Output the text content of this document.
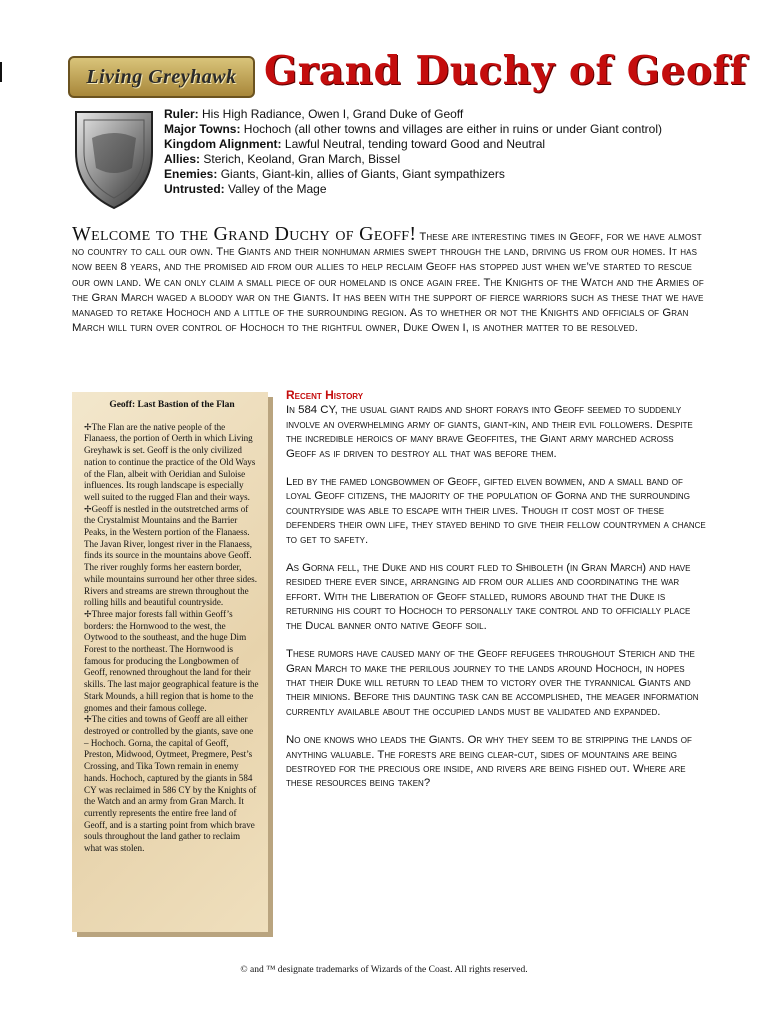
Living Greyhawk Grand Duchy of Geoff
Ruler: His High Radiance, Owen I, Grand Duke of Geoff
Major Towns: Hochoch (all other towns and villages are either in ruins or under Giant control)
Kingdom Alignment: Lawful Neutral, tending toward Good and Neutral
Allies: Sterich, Keoland, Gran March, Bissel
Enemies: Giants, Giant-kin, allies of Giants, Giant sympathizers
Untrusted: Valley of the Mage
Welcome to the Grand Duchy of Geoff! These are interesting times in Geoff, for we have almost no country to call our own. The Giants and their nonhuman armies swept through the land, driving us from our homes. It has now been 8 years, and the promised aid from our allies to help reclaim Geoff has stopped just when we’ve started to rescue our own land. We can only claim a small piece of our homeland is once again free. The Knights of the Watch and the Armies of the Gran March waged a bloody war on the Giants. It has been with the support of fierce warriors such as these that we have managed to retake Hochoch and a little of the surrounding region. As to whether or not the Knights and officials of Gran March will turn over control of Hochoch to the rightful owner, Duke Owen I, is another matter to be resolved.
Geoff: Last Bastion of the Flan

✢The Flan are the native people of the Flanaess, the portion of Oerth in which Living Greyhawk is set. Geoff is the only civilized nation to continue the practice of the Old Ways of the Flan, albeit with Oeridian and Suloise influences. Its rough landscape is especially well suited to the rugged Flan and their ways.

✢Geoff is nestled in the outstretched arms of the Crystalmist Mountains and the Barrier Peaks, in the Western portion of the Flanaess. The Javan River, longest river in the Flanaess, finds its source in the mountains above Geoff. The river roughly forms her eastern border, while mountains surround her other three sides. Rivers and streams are strewn throughout the rolling hills and beautiful countryside.

✢Three major forests fall within Geoff’s borders: the Hornwood to the west, the Oytwood to the southeast, and the huge Dim Forest to the northeast. The Hornwood is famous for producing the Longbowmen of Geoff, renowned throughout the land for their skills. The last major geographical feature is the Stark Mounds, a hill region that is home to the gnomes and their famous college.

✢The cities and towns of Geoff are all either destroyed or controlled by the giants, save one – Hochoch. Gorna, the capital of Geoff, Preston, Midwood, Oytmeet, Pregmere, Pest’s Crossing, and Tika Town remain in enemy hands. Hochoch, captured by the giants in 584 CY was reclaimed in 586 CY by the Knights of the Watch and an army from Gran March. It currently represents the entire free land of Geoff, and is a starting point from which brave souls throughout the land gather to reclaim what was stolen.

Recent History

In 584 CY, the usual giant raids and short forays into Geoff seemed to suddenly involve an overwhelming army of giants, giant-kin, and their evil followers. Despite the incredible heroics of many brave Geoffites, the Giant army marched across Geoff as if driven to destroy all that was before them.

Led by the famed longbowmen of Geoff, gifted elven bowmen, and a small band of loyal Geoff citizens, the majority of the population of Gorna and the surrounding countryside was able to escape with their lives. Though it cost most of these defenders their own life, they stayed behind to give their fellow countrymen a chance to get to safety.

As Gorna fell, the Duke and his court fled to Shiboleth (in Gran March) and have resided there ever since, arranging aid from our allies and coordinating the war effort. With the Liberation of Geoff stalled, rumors abound that the Duke is returning his court to Hochoch to personally take control and to officially place the Ducal banner onto native Geoff soil.

These rumors have caused many of the Geoff refugees throughout Sterich and the Gran March to make the perilous journey to the lands around Hochoch, in hopes that their Duke will return to lead them to victory over the tyrannical Giants and their minions. Before this daunting task can be accomplished, the meager information currently available about the occupied lands must be validated and expanded.

No one knows who leads the Giants. Or why they seem to be stripping the lands of anything valuable. The forests are being clear-cut, sides of mountains are being destroyed for the precious ore inside, and rivers are being fished out. Where are these resources being taken?

© and ™ designate trademarks of Wizards of the Coast. All rights reserved.
